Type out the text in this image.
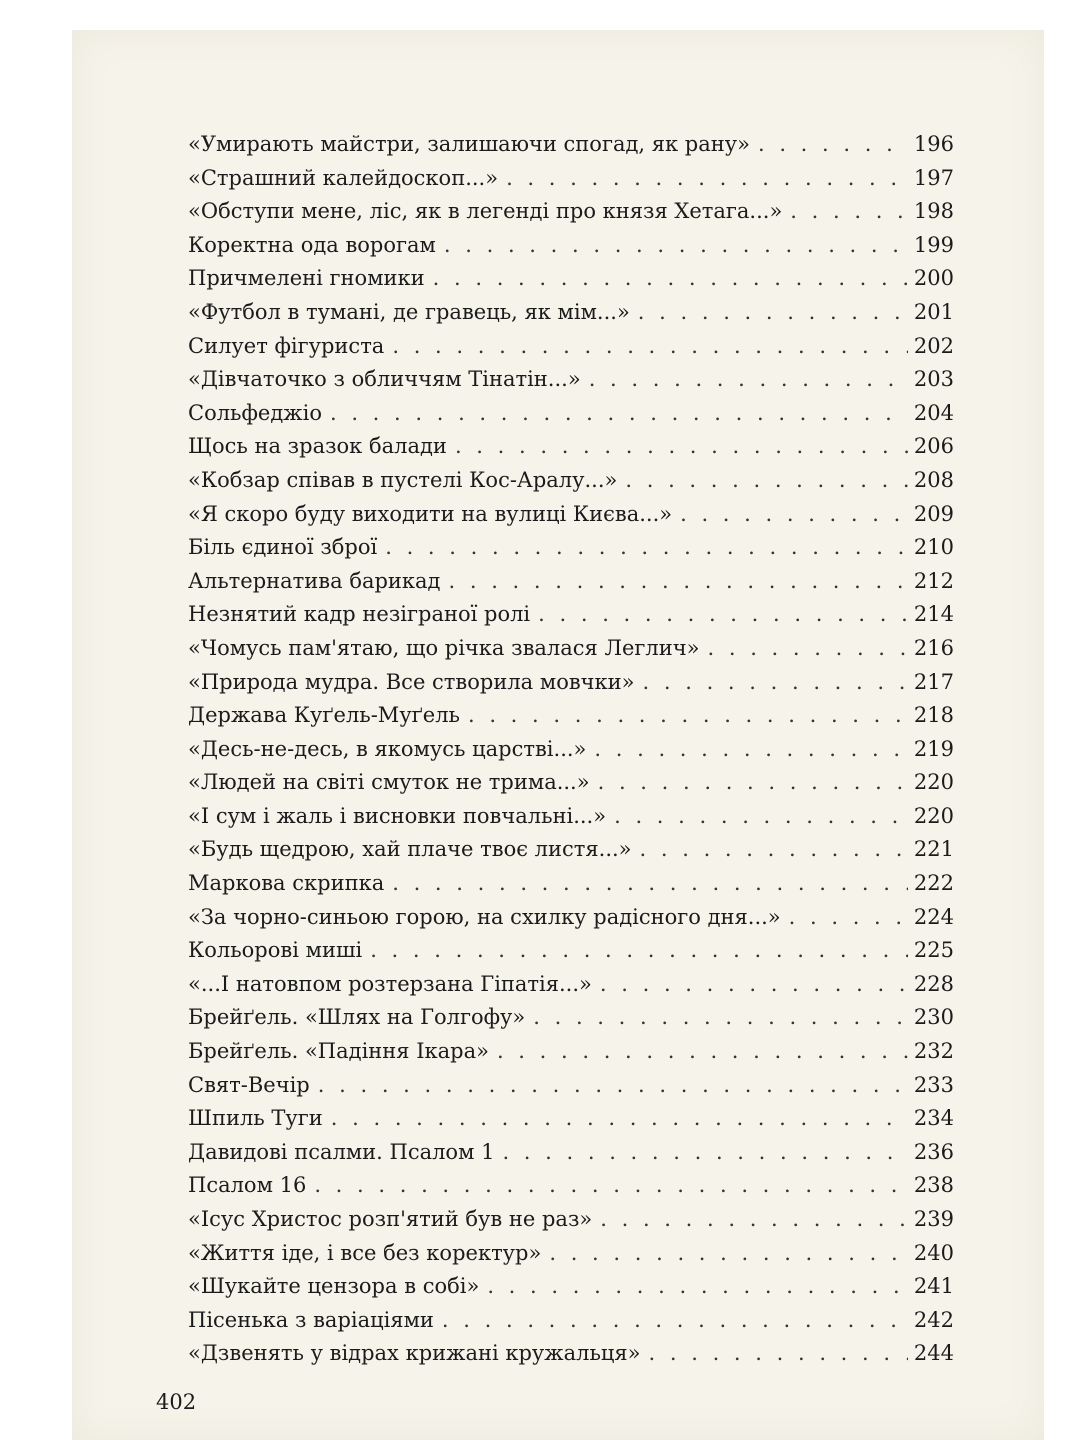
«Умирають майстри, залишаючи спогад, як рану» . . .	196
«Страшний калейдоскоп...» . . .	197
«Обступи мене, ліс, як в легенді про князя Хетага...» . . .	198
Коректна ода ворогам . . .	199
Причмелені гномики . . .	200
«Футбол в тумані, де гравець, як мім...» . . .	201
Силует фігуриста . . .	202
«Дівчаточко з обличчям Тінатін...» . . .	203
Сольфеджіо . . .	204
Щось на зразок балади . . .	206
«Кобзар співав в пустелі Кос-Аралу...» . . .	208
«Я скоро буду виходити на вулиці Києва...» . . .	209
Біль єдиної зброї . . .	210
Альтернатива барикад . . .	212
Незнятий кадр незіграної ролі . . .	214
«Чомусь пам'ятаю, що річка звалася Леглич» . . .	216
«Природа мудра. Все створила мовчки» . . .	217
Держава Куґель-Муґель . . .	218
«Десь-не-десь, в якомусь царстві...» . . .	219
«Людей на світі смуток не трима...» . . .	220
«І сум і жаль і висновки повчальні...» . . .	220
«Будь щедрою, хай плаче твоє листя...» . . .	221
Маркова скрипка . . .	222
«За чорно-синьою горою, на схилку радісного дня...» . . .	224
Кольорові миші . . .	225
«...І натовпом розтерзана Гіпатія...» . . .	228
Брейґель. «Шлях на Голгофу» . . .	230
Брейґель. «Падіння Ікара» . . .	232
Свят-Вечір . . .	233
Шпиль Туги . . .	234
Давидові псалми. Псалом 1 . . .	236
Псалом 16 . . .	238
«Ісус Христос розп'ятий був не раз» . . .	239
«Життя іде, і все без коректур» . . .	240
«Шукайте цензора в собі» . . .	241
Пісенька з варіаціями . . .	242
«Дзвенять у відрах крижані кружальця» . . .	244
402
